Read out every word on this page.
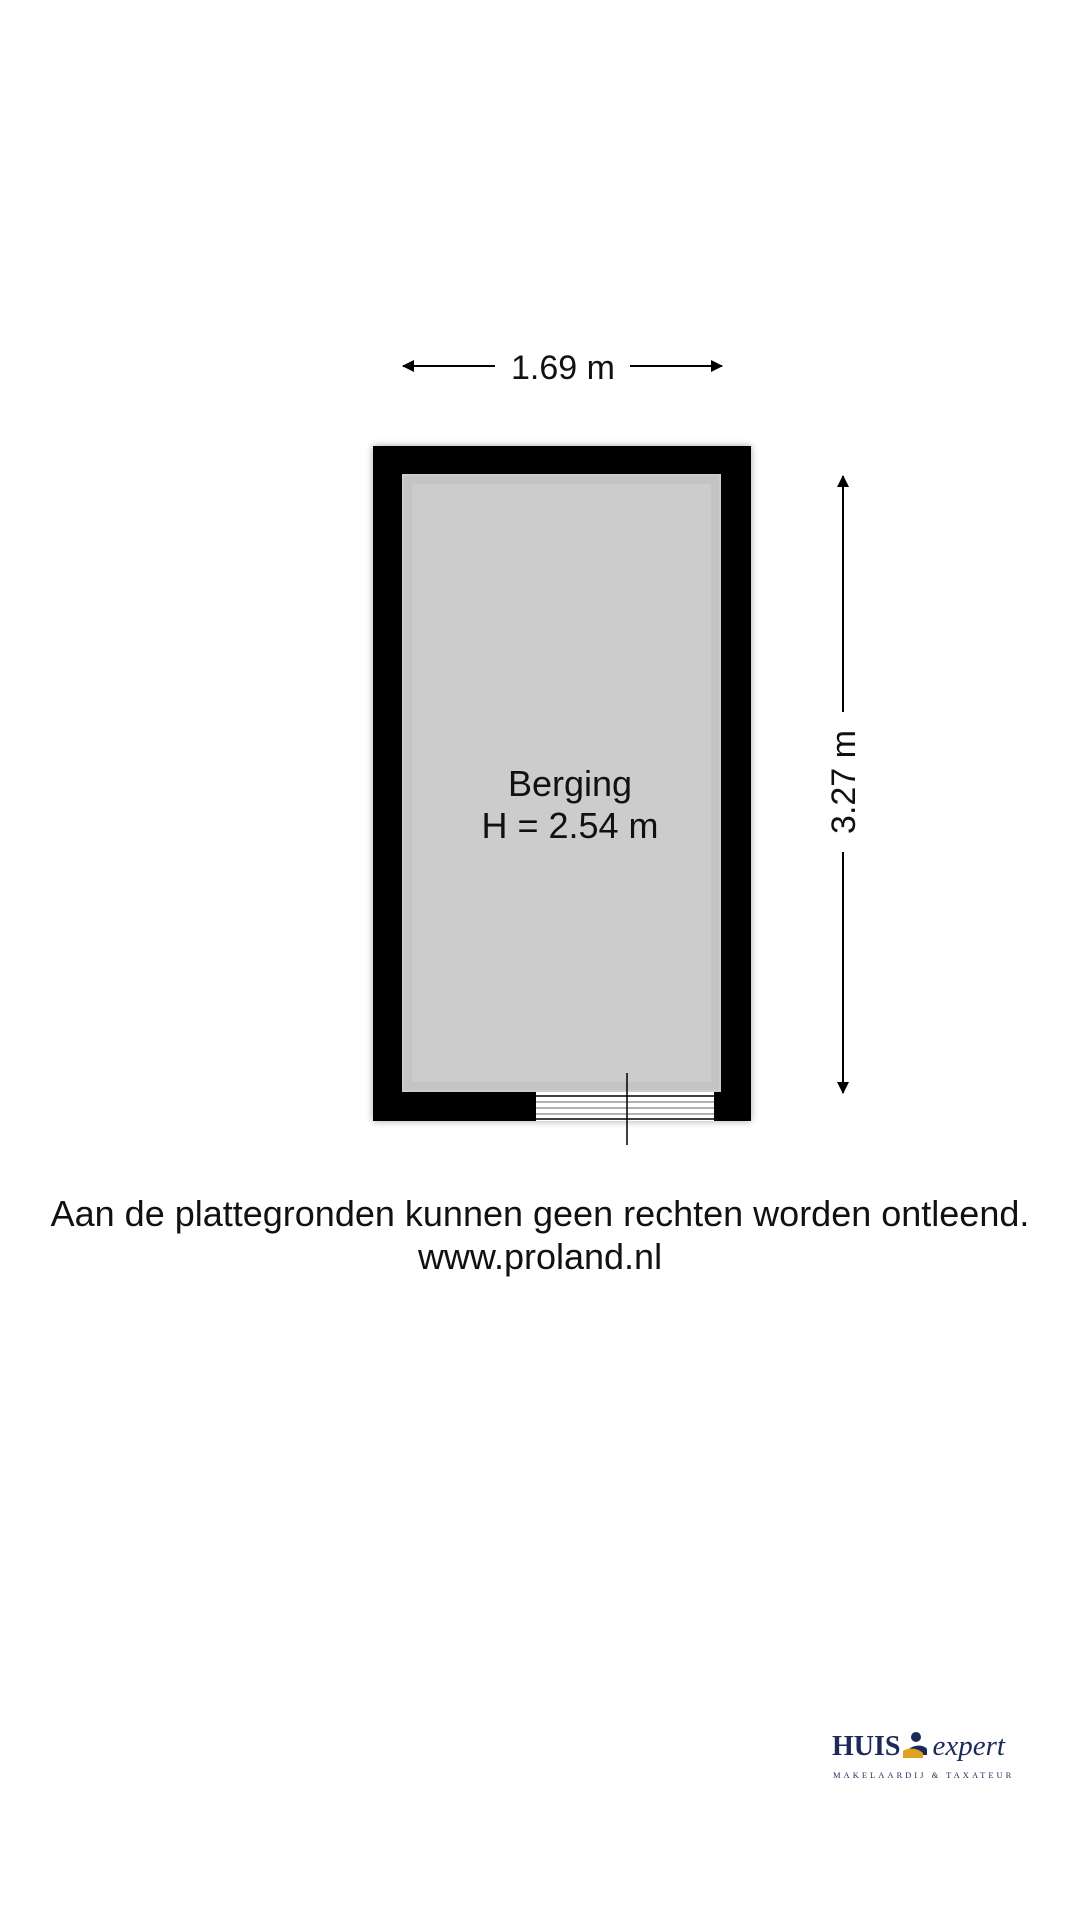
Berging
H = 2.54 m
1.69 m
3.27 m
Aan de plattegronden kunnen geen rechten worden ontleend.
www.proland.nl
HUIS expert
MAKELAARDIJ & TAXATEUR
